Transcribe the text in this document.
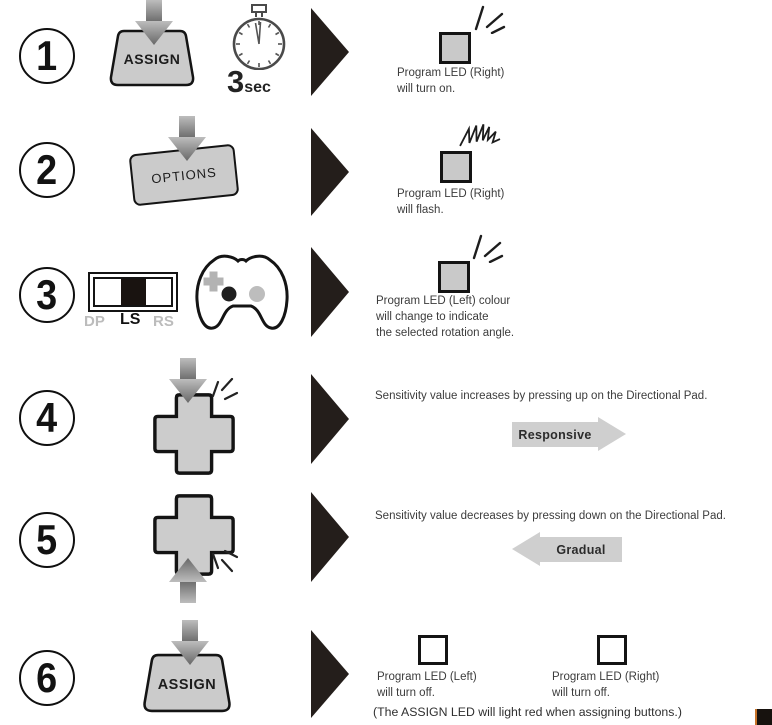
1	ASSIGN
3 sec
Program LED (Right)
will turn on.
2	OPTIONS
Program LED (Right)
will flash.
3
DP LS RS
Program LED (Left) colour
will change to indicate
the selected rotation angle.
4	Sensitivity value increases by pressing up on the Directional Pad.
Responsive
5	Sensitivity value decreases by pressing down on the Directional Pad.
Gradual
6	ASSIGN
Program LED (Left)
will turn off.
Program LED (Right)
will turn off.
(The ASSIGN LED will light red when assigning buttons.)
